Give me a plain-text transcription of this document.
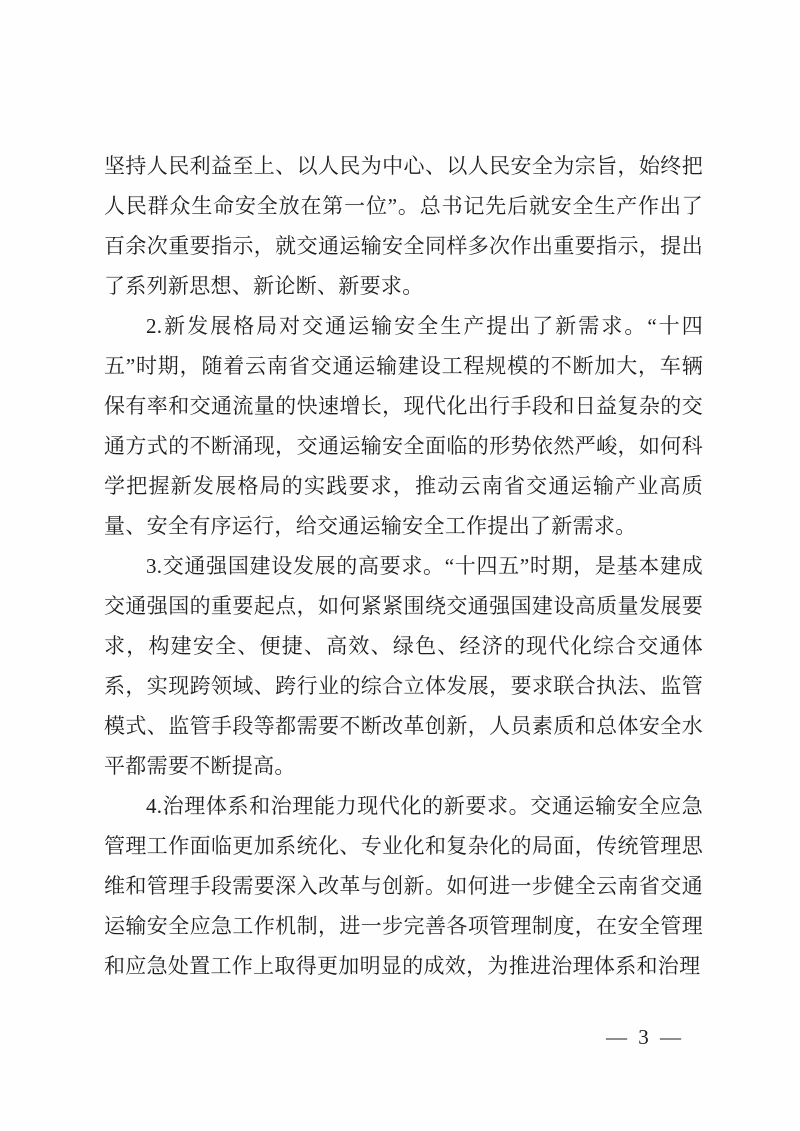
坚持人民利益至上、以人民为中心、以人民安全为宗旨，始终把人民群众生命安全放在第一位”。总书记先后就安全生产作出了百余次重要指示，就交通运输安全同样多次作出重要指示，提出了系列新思想、新论断、新要求。

2.新发展格局对交通运输安全生产提出了新需求。“十四五”时期，随着云南省交通运输建设工程规模的不断加大，车辆保有率和交通流量的快速增长，现代化出行手段和日益复杂的交通方式的不断涌现，交通运输安全面临的形势依然严峻，如何科学把握新发展格局的实践要求，推动云南省交通运输产业高质量、安全有序运行，给交通运输安全工作提出了新需求。

3.交通强国建设发展的高要求。“十四五”时期，是基本建成交通强国的重要起点，如何紧紧围绕交通强国建设高质量发展要求，构建安全、便捷、高效、绿色、经济的现代化综合交通体系，实现跨领域、跨行业的综合立体发展，要求联合执法、监管模式、监管手段等都需要不断改革创新，人员素质和总体安全水平都需要不断提高。

4.治理体系和治理能力现代化的新要求。交通运输安全应急管理工作面临更加系统化、专业化和复杂化的局面，传统管理思维和管理手段需要深入改革与创新。如何进一步健全云南省交通运输安全应急工作机制，进一步完善各项管理制度，在安全管理和应急处置工作上取得更加明显的成效，为推进治理体系和治理

— 3 —
